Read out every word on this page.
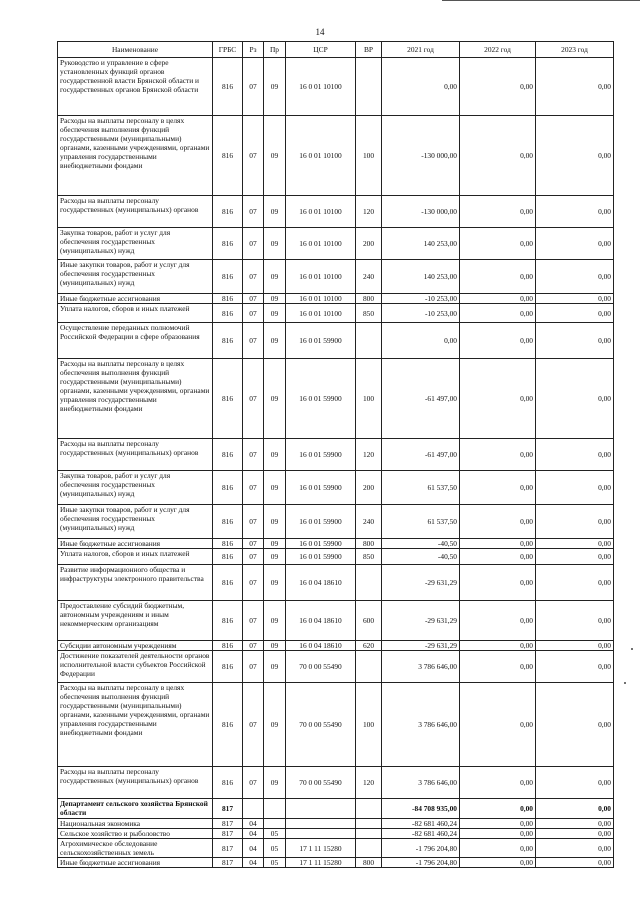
14
Наименование	ГРБС	Рз	Пр	ЦСР	ВР	2021 год	2022 год	2023 год
Руководство и управление в сфере установленных функций органов государственной власти Брянской области и государственных органов Брянской области	816	07	09	16 0 01 10100		0,00	0,00	0,00
Расходы на выплаты персоналу в целях обеспечения выполнения функций государственными (муниципальными) органами, казенными учреждениями, органами управления государственными внебюджетными фондами	816	07	09	16 0 01 10100	100	-130 000,00	0,00	0,00
Расходы на выплаты персоналу государственных (муниципальных) органов	816	07	09	16 0 01 10100	120	-130 000,00	0,00	0,00
Закупка товаров, работ и услуг для обеспечения государственных (муниципальных) нужд	816	07	09	16 0 01 10100	200	140 253,00	0,00	0,00
Иные закупки товаров, работ и услуг для обеспечения государственных (муниципальных) нужд	816	07	09	16 0 01 10100	240	140 253,00	0,00	0,00
Иные бюджетные ассигнования	816	07	09	16 0 01 10100	800	-10 253,00	0,00	0,00
Уплата налогов, сборов и иных платежей	816	07	09	16 0 01 10100	850	-10 253,00	0,00	0,00
Осуществление переданных полномочий Российской Федерации в сфере образования	816	07	09	16 0 01 59900		0,00	0,00	0,00
Расходы на выплаты персоналу в целях обеспечения выполнения функций государственными (муниципальными) органами, казенными учреждениями, органами управления государственными внебюджетными фондами	816	07	09	16 0 01 59900	100	-61 497,00	0,00	0,00
Расходы на выплаты персоналу государственных (муниципальных) органов	816	07	09	16 0 01 59900	120	-61 497,00	0,00	0,00
Закупка товаров, работ и услуг для обеспечения государственных (муниципальных) нужд	816	07	09	16 0 01 59900	200	61 537,50	0,00	0,00
Иные закупки товаров, работ и услуг для обеспечения государственных (муниципальных) нужд	816	07	09	16 0 01 59900	240	61 537,50	0,00	0,00
Иные бюджетные ассигнования	816	07	09	16 0 01 59900	800	-40,50	0,00	0,00
Уплата налогов, сборов и иных платежей	816	07	09	16 0 01 59900	850	-40,50	0,00	0,00
Развитие информационного общества и инфраструктуры электронного правительства	816	07	09	16 0 04 18610		-29 631,29	0,00	0,00
Предоставление субсидий бюджетным, автономным учреждениям и иным некоммерческим организациям	816	07	09	16 0 04 18610	600	-29 631,29	0,00	0,00
Субсидии автономным учреждениям	816	07	09	16 0 04 18610	620	-29 631,29	0,00	0,00
Достижение показателей деятельности органов исполнительной власти субъектов Российской Федерации	816	07	09	70 0 00 55490		3 786 646,00	0,00	0,00
Расходы на выплаты персоналу в целях обеспечения выполнения функций государственными (муниципальными) органами, казенными учреждениями, органами управления государственными внебюджетными фондами	816	07	09	70 0 00 55490	100	3 786 646,00	0,00	0,00
Расходы на выплаты персоналу государственных (муниципальных) органов	816	07	09	70 0 00 55490	120	3 786 646,00	0,00	0,00
Департамент сельского хозяйства Брянской области	817					-84 708 935,00	0,00	0,00
Национальная экономика	817	04				-82 681 460,24	0,00	0,00
Сельское хозяйство и рыболовство	817	04	05			-82 681 460,24	0,00	0,00
Агрохимическое обследование сельскохозяйственных земель	817	04	05	17 1 11 15280		-1 796 204,80	0,00	0,00
Иные бюджетные ассигнования	817	04	05	17 1 11 15280	800	-1 796 204,80	0,00	0,00
